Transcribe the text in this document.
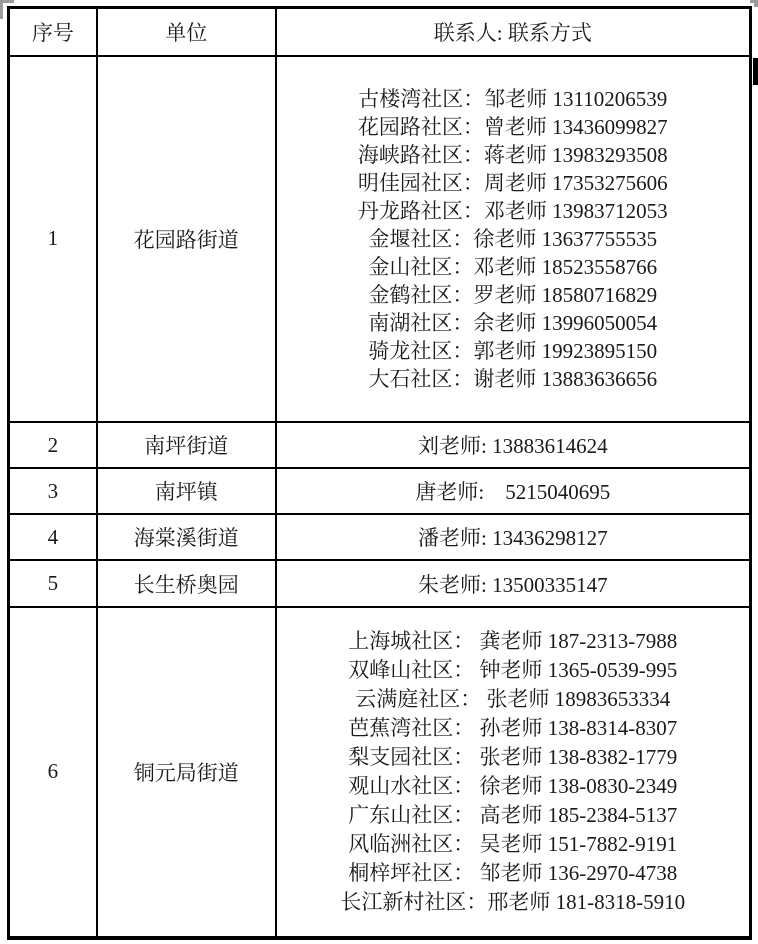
序号	单位	联系人: 联系方式
1	花园路街道	
古楼湾社区：邹老师 13110206539
花园路社区：曾老师 13436099827
海峡路社区：蒋老师 13983293508
明佳园社区：周老师 17353275606
丹龙路社区：邓老师 13983712053
金堰社区：徐老师 13637755535
金山社区：邓老师 18523558766
金鹤社区：罗老师 18580716829
南湖社区：余老师 13996050054
骑龙社区：郭老师 19923895150
大石社区：谢老师 13883636656

2	南坪街道	刘老师: 13883614624

3	南坪镇	唐老师:    5215040695

4	海棠溪街道	潘老师: 13436298127

5	长生桥奥园	朱老师: 13500335147

6	铜元局街道	
上海城社区： 龚老师 187-2313-7988
双峰山社区： 钟老师 1365-0539-995
云满庭社区： 张老师 18983653334
芭蕉湾社区： 孙老师 138-8314-8307
梨支园社区： 张老师 138-8382-1779
观山水社区： 徐老师 138-0830-2349
广东山社区： 高老师 185-2384-5137
风临洲社区： 吴老师 151-7882-9191
桐梓坪社区： 邹老师 136-2970-4738
长江新村社区：邢老师 181-8318-5910
